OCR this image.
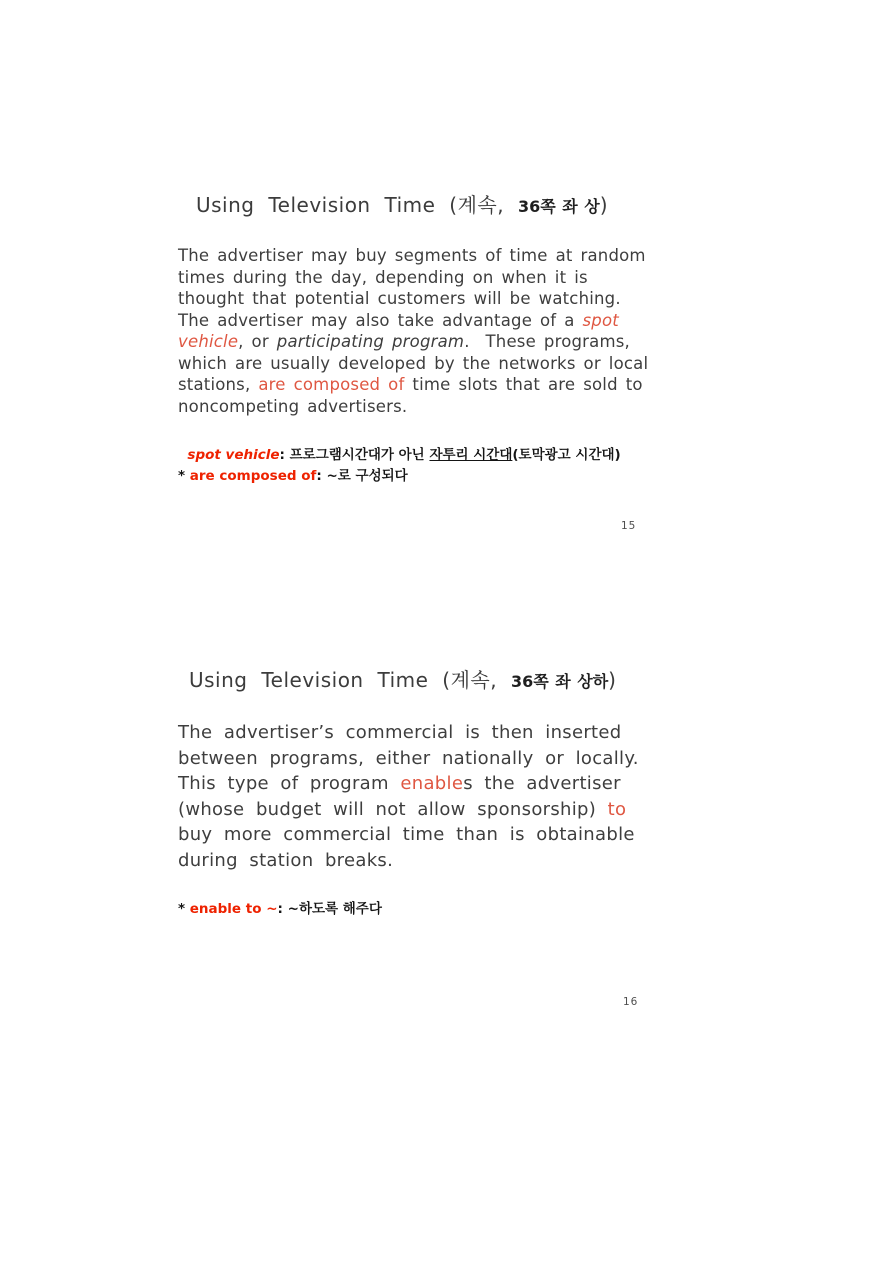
Using Television Time (계속, 36쪽 좌 상)
The advertiser may buy segments of time at random
times during the day, depending on when it is
thought that potential customers will be watching.
The advertiser may also take advantage of a spot
vehicle, or participating program.  These programs,
which are usually developed by the networks or local
stations, are composed of time slots that are sold to
noncompeting advertisers.
spot vehicle: 프로그램시간대가 아닌 자투리 시간대(토막광고 시간대)
* are composed of: ~로 구성되다
15
Using Television Time (계속, 36쪽 좌 상하)
The advertiser’s commercial is then inserted
between programs, either nationally or locally.
This type of program enables the advertiser
(whose budget will not allow sponsorship) to
buy more commercial time than is obtainable
during station breaks.
* enable to ~: ~하도록 해주다
16
